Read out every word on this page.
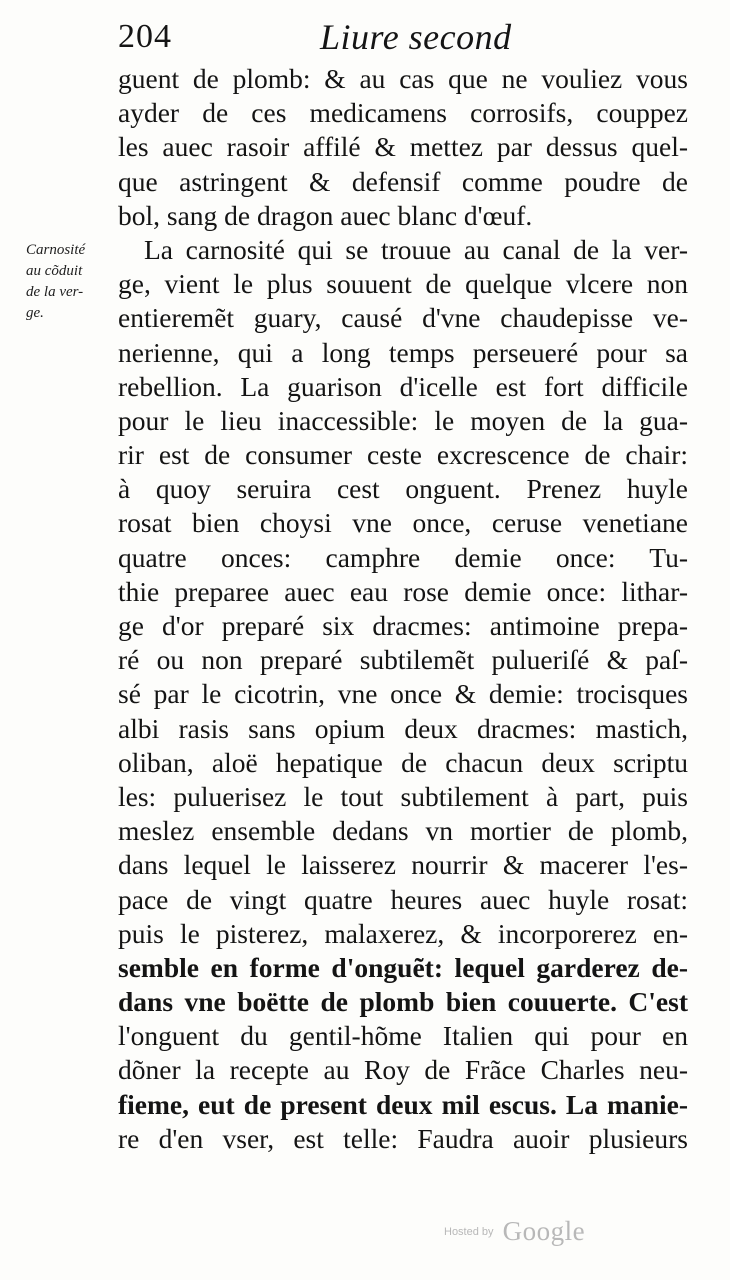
204	Liure second
Carnosité
au cõduit
de la ver-
ge.
guent de plomb: & au cas que ne vouliez vous
ayder de ces medicamens corrosifs, couppez
les auec rasoir affilé & mettez par dessus quel-
que astringent & defensif comme poudre de
bol, sang de dragon auec blanc d'œuf.
La carnosité qui se trouue au canal de la ver-
ge, vient le plus souuent de quelque vlcere non
entieremẽt guary, causé d'vne chaudepisse ve-
nerienne, qui a long temps perseueré pour sa
rebellion. La guarison d'icelle est fort difficile
pour le lieu inaccessible: le moyen de la gua-
rir est de consumer ceste excrescence de chair:
à quoy seruira cest onguent. Prenez huyle
rosat bien choysi vne once, ceruse venetiane
quatre onces: camphre demie once: Tu-
thie preparee auec eau rose demie once: lithar-
ge d'or preparé six dracmes: antimoine prepa-
ré ou non preparé subtilemẽt pulueriſé & paſ-
sé par le cicotrin, vne once & demie: trocisques
albi rasis sans opium deux dracmes: mastich,
oliban, aloë hepatique de chacun deux scriptu
les: puluerisez le tout subtilement à part, puis
meslez ensemble dedans vn mortier de plomb,
dans lequel le laisserez nourrir & macerer l'es-
pace de vingt quatre heures auec huyle rosat:
puis le pisterez, malaxerez, & incorporerez en-
semble en forme d'onguẽt: lequel garderez de-
dans vne boëtte de plomb bien couuerte. C'est
l'onguent du gentil-hõme Italien qui pour en
dõner la recepte au Roy de Frãce Charles neu-
fieme, eut de present deux mil escus. La manie-
re d'en vser, est telle: Faudra auoir plusieurs
Hosted by Google
